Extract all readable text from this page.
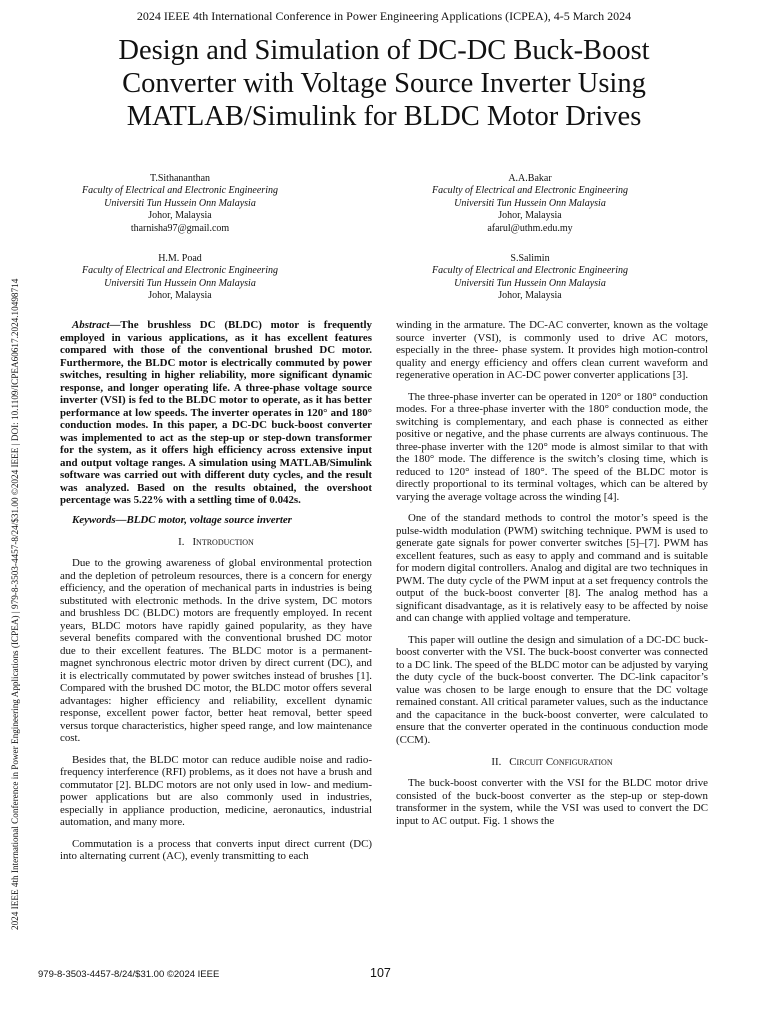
2024 IEEE 4th International Conference in Power Engineering Applications (ICPEA), 4-5 March 2024
Design and Simulation of DC-DC Buck-Boost
Converter with Voltage Source Inverter Using
MATLAB/Simulink for BLDC Motor Drives
T.Sithananthan
Faculty of Electrical and Electronic Engineering
Universiti Tun Hussein Onn Malaysia
Johor, Malaysia
tharnisha97@gmail.com
A.A.Bakar
Faculty of Electrical and Electronic Engineering
Universiti Tun Hussein Onn Malaysia
Johor, Malaysia
afarul@uthm.edu.my
H.M. Poad
Faculty of Electrical and Electronic Engineering
Universiti Tun Hussein Onn Malaysia
Johor, Malaysia
S.Salimin
Faculty of Electrical and Electronic Engineering
Universiti Tun Hussein Onn Malaysia
Johor, Malaysia
2024 IEEE 4th International Conference in Power Engineering Applications (ICPEA) | 979-8-3503-4457-8/24/$31.00 ©2024 IEEE | DOI: 10.1109/ICPEA60617.2024.10498714	Abstract—The brushless DC (BLDC) motor is frequently employed in various applications, as it has excellent features compared with those of the conventional brushed DC motor. Furthermore, the BLDC motor is electrically commuted by power switches, resulting in higher reliability, more significant dynamic response, and longer operating life. A three-phase voltage source inverter (VSI) is fed to the BLDC motor to operate, as it has better performance at low speeds. The inverter operates in 120° and 180° conduction modes. In this paper, a DC-DC buck-boost converter was implemented to act as the step-up or step-down transformer for the system, as it offers high efficiency across extensive input and output voltage ranges. A simulation using MATLAB/Simulink software was carried out with different duty cycles, and the result was analyzed. Based on the results obtained, the overshoot percentage was 5.22% with a settling time of 0.042s.

Keywords—BLDC motor, voltage source inverter

I. Introduction

Due to the growing awareness of global environmental protection and the depletion of petroleum resources, there is a concern for energy efficiency, and the operation of mechanical parts in industries is being substituted with electronic methods. In the drive system, DC motors and brushless DC (BLDC) motors are frequently employed. In recent years, BLDC motors have rapidly gained popularity, as they have several benefits compared with the conventional brushed DC motor due to their excellent features. The BLDC motor is a permanent-magnet synchronous electric motor driven by direct current (DC), and it is electrically commutated by power switches instead of brushes [1]. Compared with the brushed DC motor, the BLDC motor offers several advantages: higher efficiency and reliability, excellent dynamic response, excellent power factor, better heat removal, better speed versus torque characteristics, higher speed range, and low maintenance cost.

Besides that, the BLDC motor can reduce audible noise and radio-frequency interference (RFI) problems, as it does not have a brush and commutator [2]. BLDC motors are not only used in low- and medium-power applications but are also commonly used in industries, especially in appliance production, medicine, aeronautics, industrial automation, and many more.

Commutation is a process that converts input direct current (DC) into alternating current (AC), evenly transmitting to each

winding in the armature. The DC-AC converter, known as the voltage source inverter (VSI), is commonly used to drive AC motors, especially in the three- phase system. It provides high motion-control quality and energy efficiency and offers clean current waveform and regenerative operation in AC-DC power converter applications [3].

The three-phase inverter can be operated in 120° or 180° conduction modes. For a three-phase inverter with the 180° conduction mode, the switching is complementary, and each phase is connected as either positive or negative, and the phase currents are always continuous. The three-phase inverter with the 120° mode is almost similar to that with the 180° mode. The difference is the switch’s closing time, which is reduced to 120° instead of 180°. The speed of the BLDC motor is directly proportional to its terminal voltages, which can be altered by varying the average voltage across the winding [4].

One of the standard methods to control the motor’s speed is the pulse-width modulation (PWM) switching technique. PWM is used to generate gate signals for power converter switches [5]–[7]. PWM has excellent features, such as easy to apply and command and is suitable for modern digital controllers. Analog and digital are two techniques in PWM. The duty cycle of the PWM input at a set frequency controls the output of the buck-boost converter [8]. The analog method has a significant disadvantage, as it is relatively easy to be affected by noise and can change with applied voltage and temperature.

This paper will outline the design and simulation of a DC-DC buck-boost converter with the VSI. The buck-boost converter was connected to a DC link. The speed of the BLDC motor can be adjusted by varying the duty cycle of the buck-boost converter. The DC-link capacitor’s value was chosen to be large enough to ensure that the DC voltage remained constant. All critical parameter values, such as the inductance and the capacitance in the buck-boost converter, were calculated to ensure that the converter operated in the continuous conduction mode (CCM).

II. Circuit Configuration

The buck-boost converter with the VSI for the BLDC motor drive consisted of the buck-boost converter as the step-up or step-down transformer in the system, while the VSI was used to convert the DC input to AC output. Fig. 1 shows the

979-8-3503-4457-8/24/$31.00 ©2024 IEEE	107
